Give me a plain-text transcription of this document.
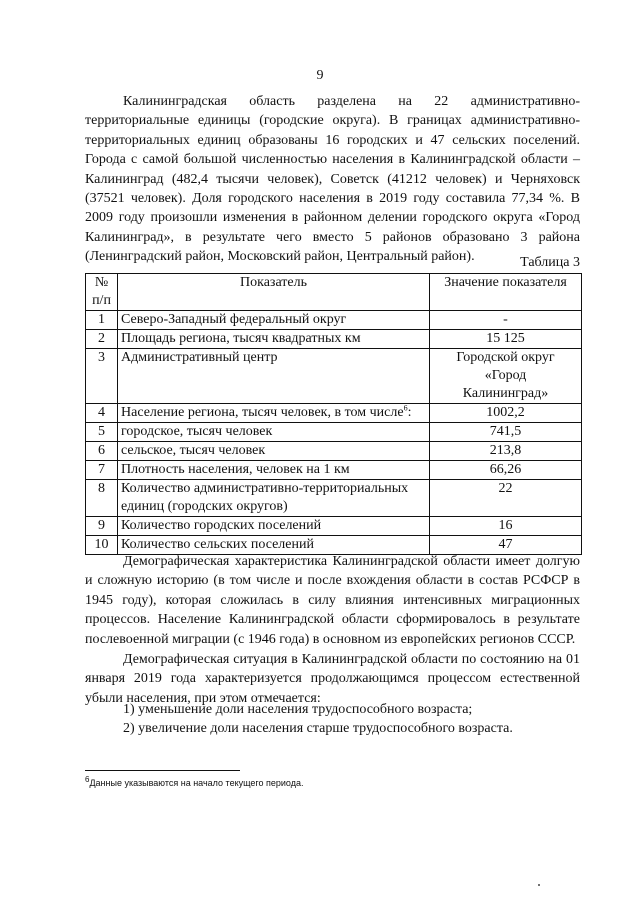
9

Калининградская область разделена на 22 административно-территориальные единицы (городские округа). В границах административно-территориальных единиц образованы 16 городских и 47 сельских поселений. Города с самой большой численностью населения в Калининградской области – Калининград (482,4 тысячи человек), Советск (41212 человек) и Черняховск (37521 человек). Доля городского населения в 2019 году составила 77,34 %. В 2009 году произошли изменения в районном делении городского округа «Город Калининград», в результате чего вместо 5 районов образовано 3 района (Ленинградский район, Московский район, Центральный район).	Таблица 3
№ п/п	Показатель	Значение показателя
1	Северо-Западный федеральный округ	-
2	Площадь региона, тысяч квадратных км	15 125
3	Административный центр	Городской округ «Город Калининград»
4	Население региона, тысяч человек, в том числе$^6$:	1002,2
5	городское, тысяч человек	741,5
6	сельское, тысяч человек	213,8
7	Плотность населения, человек на 1 км	66,26
8	Количество административно-территориальных единиц (городских округов)	22
9	Количество городских поселений	16
10	Количество сельских поселений	47

Демографическая характеристика Калининградской области имеет долгую и сложную историю (в том числе и после вхождения области в состав РСФСР в 1945 году), которая сложилась в силу влияния интенсивных миграционных процессов. Население Калининградской области сформировалось в результате послевоенной миграции (с 1946 года) в основном из европейских регионов СССР.

Демографическая ситуация в Калининградской области по состоянию на 01 января 2019 года характеризуется продолжающимся процессом естественной убыли населения, при этом отмечается:

1) уменьшение доли населения трудоспособного возраста;

2) увеличение доли населения старше трудоспособного возраста.

$^6$Данные указываются на начало текущего периода.
